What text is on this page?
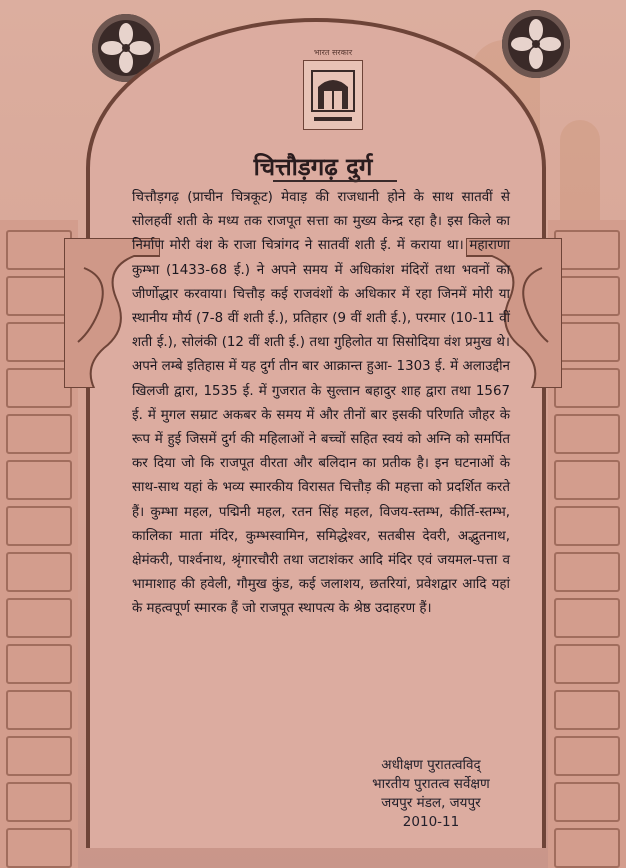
भारत सरकार
चित्तौड़गढ़ दुर्ग
चित्तौड़गढ़ (प्राचीन चित्रकूट) मेवाड़ की राजधानी होने के साथ सातवीं से सोलहवीं शती के मध्य तक राजपूत सत्ता का मुख्य केन्द्र रहा है। इस किले का निर्माण मोरी वंश के राजा चित्रांगद ने सातवीं शती ई. में कराया था। महाराणा कुम्भा (1433-68 ई.) ने अपने समय में अधिकांश मंदिरों तथा भवनों का जीर्णोद्धार करवाया। चित्तौड़ कई राजवंशों के अधिकार में रहा जिनमें मोरी या स्थानीय मौर्य (7-8 वीं शती ई.), प्रतिहार (9 वीं शती ई.), परमार (10-11 वीं शती ई.), सोलंकी (12 वीं शती ई.) तथा गुहिलोत या सिसोदिया वंश प्रमुख थे। अपने लम्बे इतिहास में यह दुर्ग तीन बार आक्रान्त हुआ- 1303 ई. में अलाउद्दीन खिलजी द्वारा, 1535 ई. में गुजरात के सुल्तान बहादुर शाह द्वारा तथा 1567 ई. में मुगल सम्राट अकबर के समय में और तीनों बार इसकी परिणति जौहर के रूप में हुई जिसमें दुर्ग की महिलाओं ने बच्चों सहित स्वयं को अग्नि को समर्पित कर दिया जो कि राजपूत वीरता और बलिदान का प्रतीक है। इन घटनाओं के साथ-साथ यहां के भव्य स्मारकीय विरासत चित्तौड़ की महत्ता को प्रदर्शित करते हैं। कुम्भा महल, पद्मिनी महल, रतन सिंह महल, विजय-स्तम्भ, कीर्ति-स्तम्भ, कालिका माता मंदिर, कुम्भस्वामिन, समिद्धेश्वर, सतबीस देवरी, अद्भुतनाथ, क्षेमंकरी, पार्श्वनाथ, श्रृंगारचौरी तथा जटाशंकर आदि मंदिर एवं जयमल-पत्ता व भामाशाह की हवेली, गौमुख कुंड, कई जलाशय, छतरियां, प्रवेशद्वार आदि यहां के महत्वपूर्ण स्मारक हैं जो राजपूत स्थापत्य के श्रेष्ठ उदाहरण हैं।
अधीक्षण पुरातत्वविद्
भारतीय पुरातत्व सर्वेक्षण
जयपुर मंडल, जयपुर
2010-11
